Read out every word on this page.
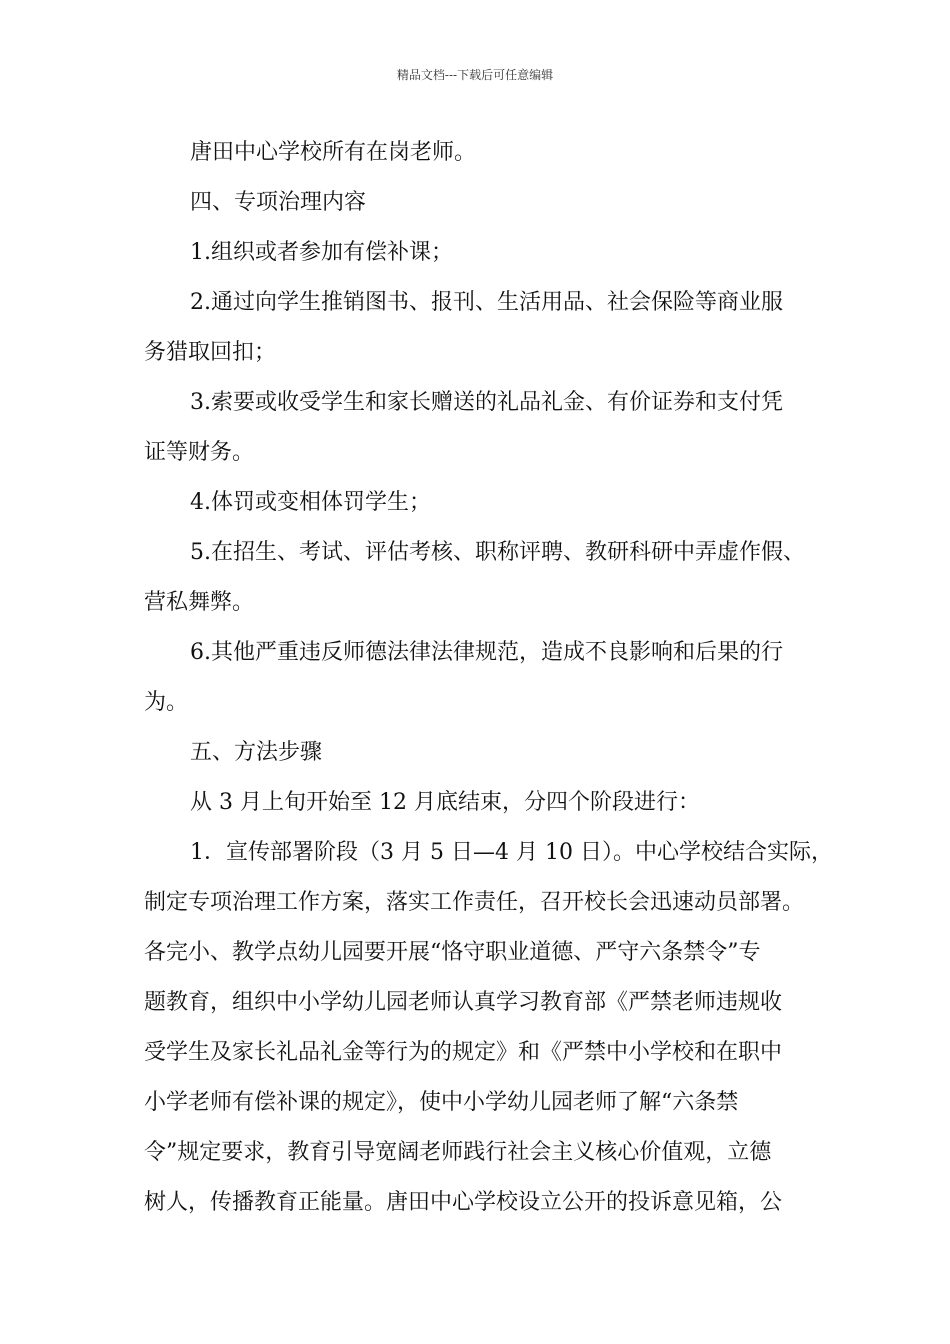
精品文档---下载后可任意编辑

唐田中心学校所有在岗老师。

四、专项治理内容

1.组织或者参加有偿补课；

2.通过向学生推销图书、报刊、生活用品、社会保险等商业服
务猎取回扣；

3.索要或收受学生和家长赠送的礼品礼金、有价证券和支付凭
证等财务。

4.体罚或变相体罚学生；

5.在招生、考试、评估考核、职称评聘、教研科研中弄虚作假、
营私舞弊。

6.其他严重违反师德法律法律规范，造成不良影响和后果的行
为。

五、方法步骤

从 3 月上旬开始至 12 月底结束，分四个阶段进行：

1．宣传部署阶段（3 月 5 日—4 月 10 日）。中心学校结合实际，
制定专项治理工作方案，落实工作责任，召开校长会迅速动员部署。
各完小、教学点幼儿园要开展“恪守职业道德、严守六条禁令”专
题教育，组织中小学幼儿园老师认真学习教育部《严禁老师违规收
受学生及家长礼品礼金等行为的规定》和《严禁中小学校和在职中
小学老师有偿补课的规定》，使中小学幼儿园老师了解“六条禁
令”规定要求，教育引导宽阔老师践行社会主义核心价值观，立德
树人，传播教育正能量。唐田中心学校设立公开的投诉意见箱，公
